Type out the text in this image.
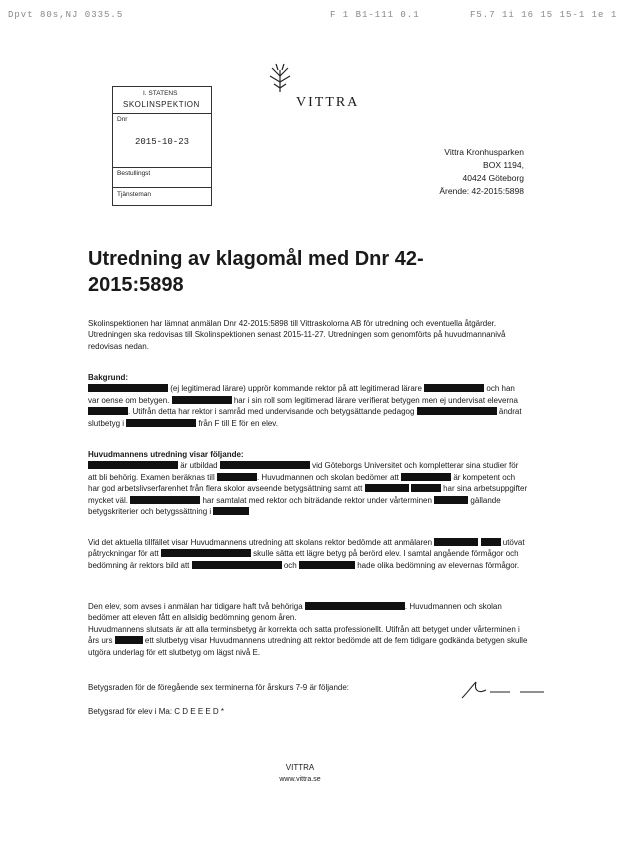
Dpvt 80s,NJ 0335.5	F 1 B1-111 0.1	F5.7 1i 16 15 15-1 1e 1
I. STATENS
SKOLINSPEKTION
Dnr
2015-10-23
Bestullingst
Tjänsteman
VITTRA
Vittra Kronhusparken
BOX 1194,
40424 Göteborg
Ärende: 42-2015:5898
Utredning av klagomål med Dnr 42-2015:5898

Skolinspektionen har lämnat anmälan Dnr 42-2015:5898 till Vittraskolorna AB för utredning och eventuella åtgärder. Utredningen ska redovisas till Skolinspektionen senast 2015-11-27. Utredningen som genomförts på huvudmannanivå redovisas nedan.

Bakgrund:

(ej legitimerad lärare) upprör kommande rektor på att legitimerad lärare	och han var oense om betygen.	har i sin roll som legitimerad lärare verifierat betygen men ej undervisat eleverna . Utifrån detta har rektor i samråd med undervisande och betygsättande pedagog	ändrat slutbetyg i	från F till E för en elev.

Huvudmannens utredning visar följande:

är utbildad	vid Göteborgs Universitet och kompletterar sina studier för att bli behörig. Examen beräknas till	. Huvudmannen och skolan bedömer att	är kompetent och har god arbetslivserfarenhet från flera skolor avseende betygsättning samt att	har sina arbetsuppgifter mycket väl.	har samtalat med rektor och biträdande rektor under vårterminen	gällande betygskriterier och betygssättning i

Vid det aktuella tillfället visar Huvudmannens utredning att skolans rektor bedömde att anmälaren	utövat påtryckningar för att	skulle sätta ett lägre betyg på berörd elev. I samtal angående förmågor och bedömning är rektors bild att	och	hade olika bedömning av elevernas förmågor.

Den elev, som avses i anmälan har tidigare haft två behöriga	. Huvudmannen och skolan bedömer att eleven fått en allsidig bedömning genom åren.

Huvudmannens slutsats är att alla terminsbetyg är korrekta och satta professionellt. Utifrån att betyget under vårterminen i års urs	ett slutbetyg visar Huvudmannens utredning att rektor bedömde att de fem tidigare godkända betygen skulle utgöra underlag för ett slutbetyg om lägst nivå E.

Betygsraden för de föregående sex terminerna för årskurs 7-9 är följande:

Betygsrad för elev i Ma: C D E E E D *

VITTRA
www.vittra.se
